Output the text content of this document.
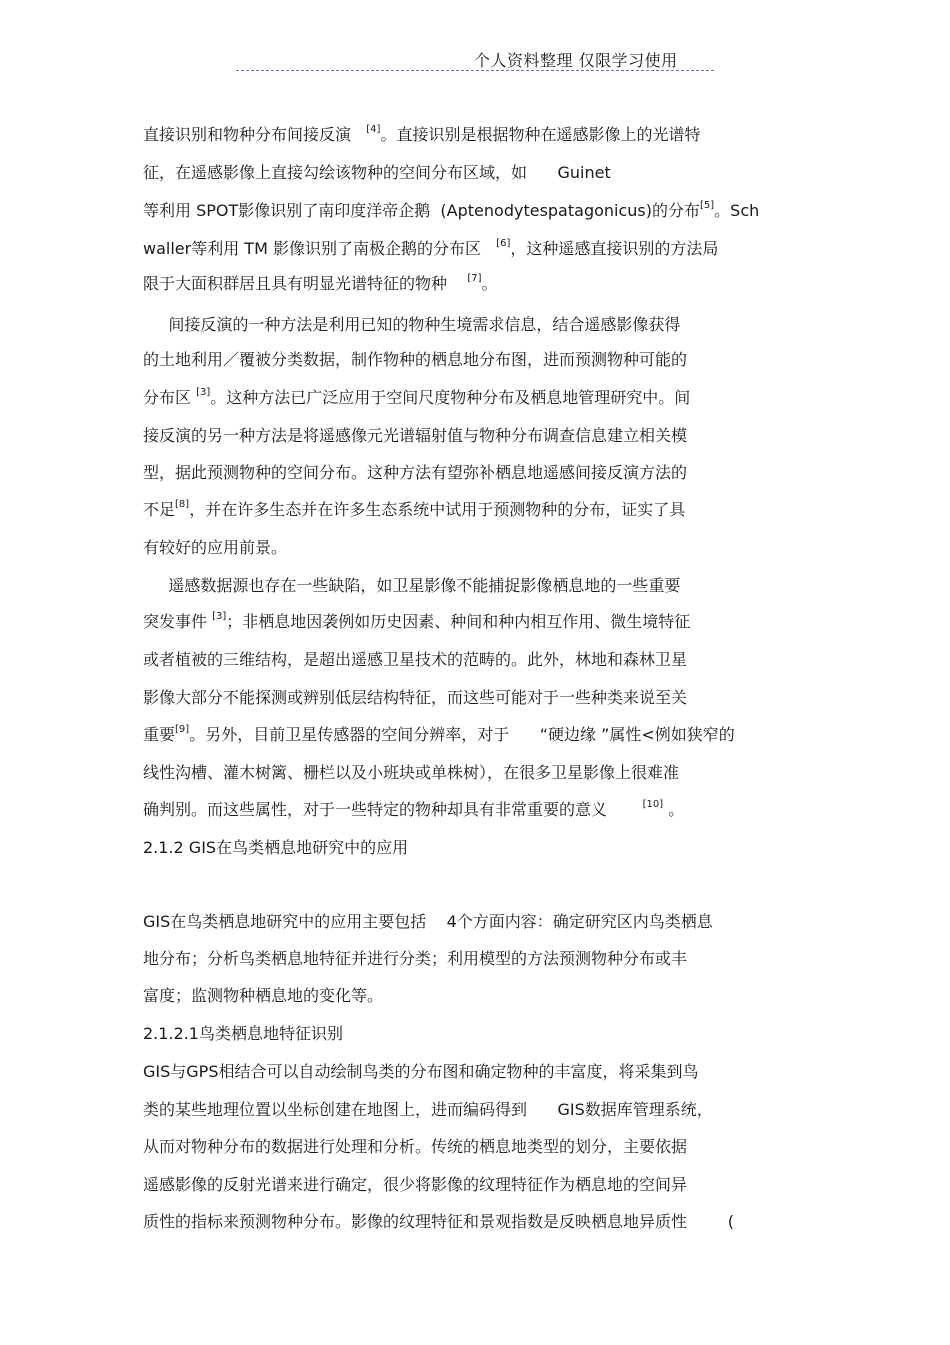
个人资料整理 仅限学习使用
直接识别和物种分布间接反演   [4]。直接识别是根据物种在遥感影像上的光谱特
征，在遥感影像上直接勾绘该物种的空间分布区域，如      Guinet
等利用 SPOT影像识别了南印度洋帝企鹅  (Aptenodytespatagonicus)的分布[5]。Sch
waller等利用 TM 影像识别了南极企鹅的分布区   [6]，这种遥感直接识别的方法局
限于大面积群居且具有明显光谱特征的物种    [7]。
间接反演的一种方法是利用已知的物种生境需求信息，结合遥感影像获得
的土地利用／覆被分类数据，制作物种的栖息地分布图，进而预测物种可能的
分布区 [3]。这种方法已广泛应用于空间尺度物种分布及栖息地管理研究中。间
接反演的另一种方法是将遥感像元光谱辐射值与物种分布调查信息建立相关模
型，据此预测物种的空间分布。这种方法有望弥补栖息地遥感间接反演方法的
不足[8]，并在许多生态并在许多生态系统中试用于预测物种的分布，证实了具
有较好的应用前景。
遥感数据源也存在一些缺陷，如卫星影像不能捕捉影像栖息地的一些重要
突发事件 [3]；非栖息地因袭例如历史因素、种间和种内相互作用、微生境特征
或者植被的三维结构，是超出遥感卫星技术的范畴的。此外，林地和森林卫星
影像大部分不能探测或辨别低层结构特征，而这些可能对于一些种类来说至关
重要[9]。另外，目前卫星传感器的空间分辨率，对于      “硬边缘 ”属性<例如狭窄的
线性沟槽、灌木树篱、栅栏以及小班块或单株树），在很多卫星影像上很难准
确判别。而这些属性，对于一些特定的物种却具有非常重要的意义       [10] 。
2.1.2 GIS在鸟类栖息地研究中的应用
GIS在鸟类栖息地研究中的应用主要包括    4个方面内容：确定研究区内鸟类栖息
地分布；分析鸟类栖息地特征并进行分类；利用模型的方法预测物种分布或丰
富度；监测物种栖息地的变化等。
2.1.2.1鸟类栖息地特征识别
GIS与GPS相结合可以自动绘制鸟类的分布图和确定物种的丰富度，将采集到鸟
类的某些地理位置以坐标创建在地图上，进而编码得到      GIS数据库管理系统，
从而对物种分布的数据进行处理和分析。传统的栖息地类型的划分，主要依据
遥感影像的反射光谱来进行确定，很少将影像的纹理特征作为栖息地的空间异
质性的指标来预测物种分布。影像的纹理特征和景观指数是反映栖息地异质性        (
